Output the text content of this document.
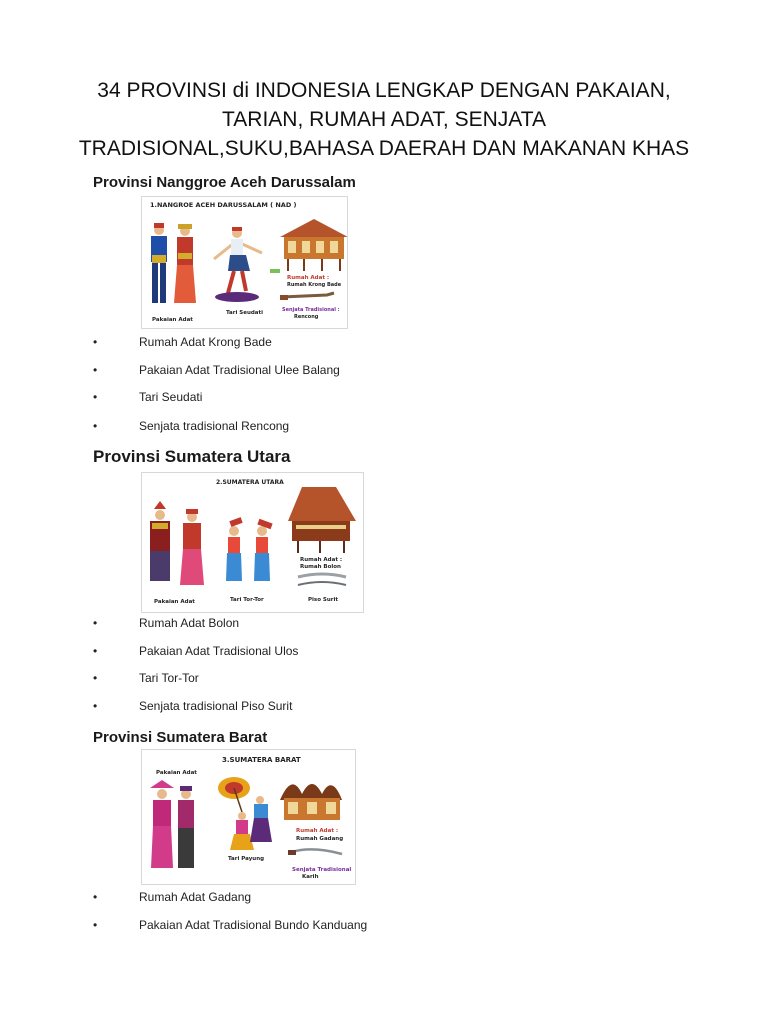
34 PROVINSI di INDONESIA LENGKAP DENGAN PAKAIAN,
TARIAN, RUMAH ADAT, SENJATA
TRADISIONAL,SUKU,BAHASA DAERAH DAN MAKANAN KHAS
Provinsi Nanggroe Aceh Darussalam
1.NANGROE ACEH DARUSSALAM ( NAD )
Rumah Adat :
Rumah Krong Bade
Senjata Tradisional :
Rencong
Pakaian Adat
Tari Seudati
•	Rumah Adat Krong Bade
•	Pakaian Adat Tradisional Ulee Balang
•	Tari Seudati
•	Senjata tradisional Rencong
Provinsi Sumatera Utara
2.SUMATERA UTARA
Rumah Adat :
Rumah Bolon
Pakaian Adat	Tari Tor-Tor	Piso Surit
•	Rumah Adat Bolon
•	Pakaian Adat Tradisional Ulos
•	Tari Tor-Tor
•	Senjata tradisional Piso Surit
Provinsi Sumatera Barat
3.SUMATERA BARAT
Pakaian Adat
Tari Payung
Rumah Adat :
Rumah Gadang
Senjata Tradisional
Karih
•	Rumah Adat Gadang
•	Pakaian Adat Tradisional Bundo Kanduang
